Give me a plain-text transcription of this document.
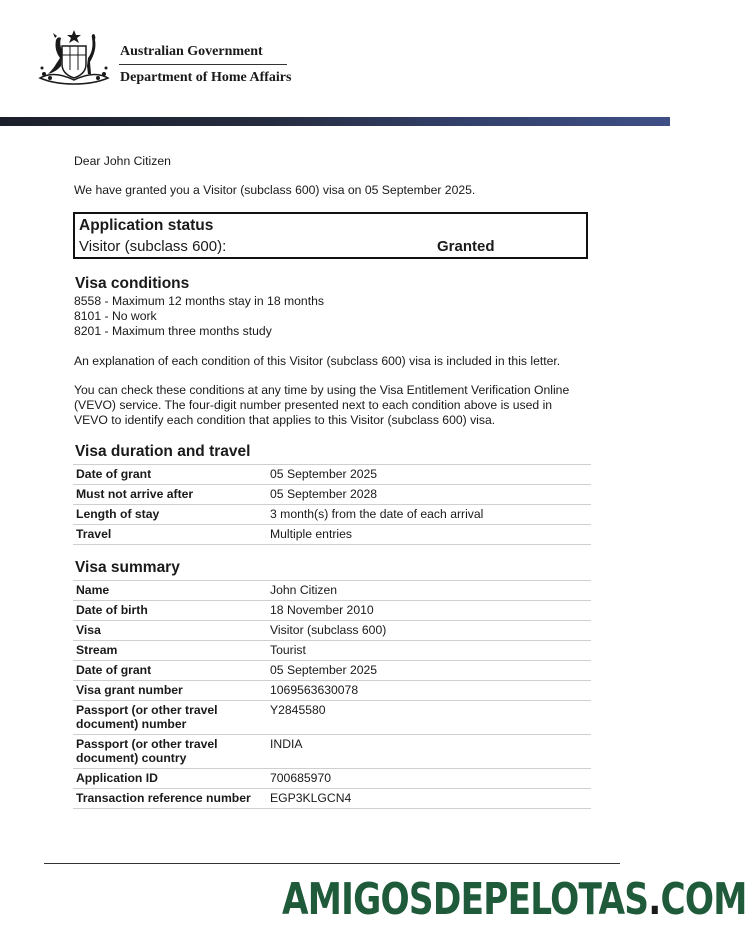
Australian Government
Department of Home Affairs
Dear John Citizen
We have granted you a Visitor (subclass 600) visa on 05 September 2025.
Application status
Visitor (subclass 600):	Granted
Visa conditions
8558 - Maximum 12 months stay in 18 months
8101 - No work
8201 - Maximum three months study
An explanation of each condition of this Visitor (subclass 600) visa is included in this letter.
You can check these conditions at any time by using the Visa Entitlement Verification Online
(VEVO) service. The four-digit number presented next to each condition above is used in
VEVO to identify each condition that applies to this Visitor (subclass 600) visa.
Visa duration and travel
Date of grant	05 September 2025
Must not arrive after	05 September 2028
Length of stay	3 month(s) from the date of each arrival
Travel	Multiple entries
Visa summary
Name	John Citizen
Date of birth	18 November 2010
Visa	Visitor (subclass 600)
Stream	Tourist
Date of grant	05 September 2025
Visa grant number	1069563630078
Passport (or other travel
document) number	Y2845580
Passport (or other travel
document) country	INDIA
Application ID	700685970
Transaction reference number	EGP3KLGCN4
AMIGOSDEPELOTAS.COM
